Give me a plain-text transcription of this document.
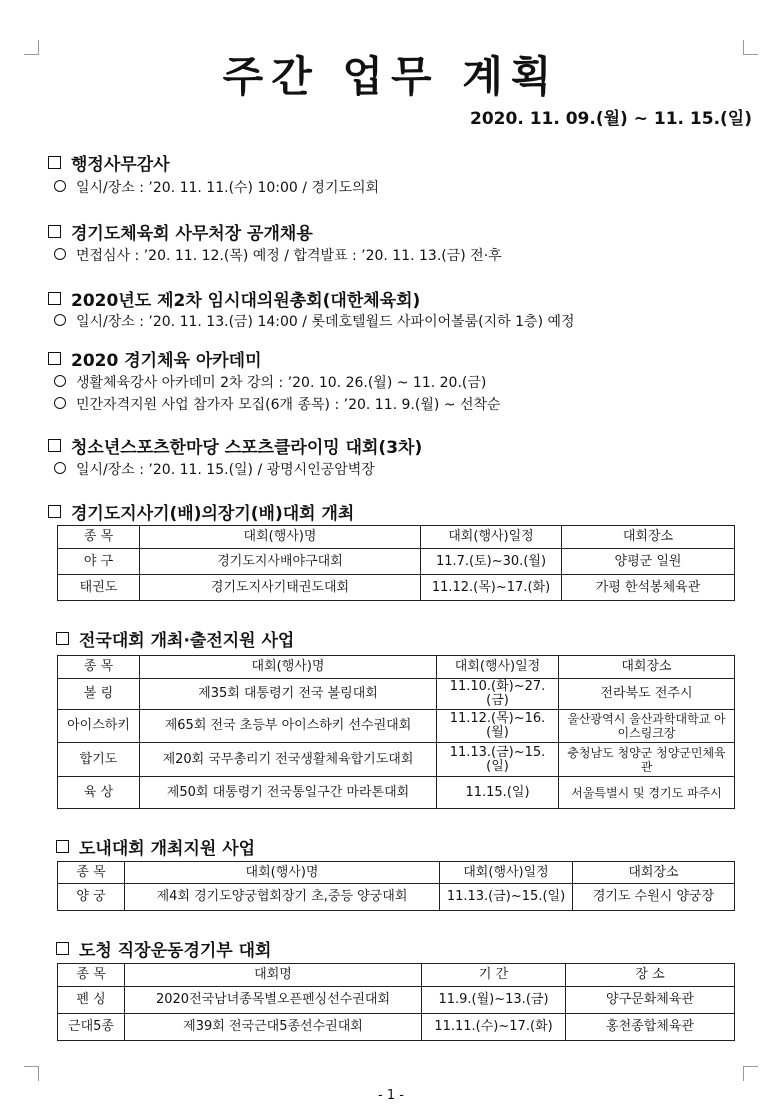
주간 업무 계획
2020. 11. 09.(월) ~ 11. 15.(일)
행정사무감사
일시/장소 : ’20. 11. 11.(수) 10:00 / 경기도의회
경기도체육회 사무처장 공개채용
면접심사 : ’20. 11. 12.(목) 예정 / 합격발표 : ’20. 11. 13.(금) 전·후
2020년도 제2차 임시대의원총회(대한체육회)
일시/장소 : ’20. 11. 13.(금) 14:00 / 롯데호텔월드 사파이어볼룸(지하 1층) 예정
2020 경기체육 아카데미
생활체육강사 아카데미 2차 강의 : ’20. 10. 26.(월) ~ 11. 20.(금)
민간자격지원 사업 참가자 모집(6개 종목) : ’20. 11. 9.(월) ~ 선착순
청소년스포츠한마당 스포츠클라이밍 대회(3차)
일시/장소 : ’20. 11. 15.(일) / 광명시인공암벽장
경기도지사기(배)의장기(배)대회 개최
종 목	대회(행사)명	대회(행사)일정	대회장소
야 구	경기도지사배야구대회	11.7.(토)~30.(월)	양평군 일원
태권도	경기도지사기태권도대회	11.12.(목)~17.(화)	가평 한석봉체육관
전국대회 개최·출전지원 사업
종 목	대회(행사)명	대회(행사)일정	대회장소
볼 링	제35회 대통령기 전국 볼링대회	11.10.(화)~27.(금)	전라북도 전주시
아이스하키	제65회 전국 초등부 아이스하키 선수권대회	11.12.(목)~16.(월)	울산광역시 울산과학대학교 아이스링크장
합기도	제20회 국무총리기 전국생활체육합기도대회	11.13.(금)~15.(일)	충청남도 청양군 청양군민체육관
육 상	제50회 대통령기 전국통일구간 마라톤대회	11.15.(일)	서울특별시 및 경기도 파주시
도내대회 개최지원 사업
종 목	대회(행사)명	대회(행사)일정	대회장소
양 궁	제4회 경기도양궁협회장기 초,중등 양궁대회	11.13.(금)~15.(일)	경기도 수원시 양궁장
도청 직장운동경기부 대회
종 목	대회명	기 간	장 소
펜 싱	2020전국남녀종목별오픈펜싱선수권대회	11.9.(월)~13.(금)	양구문화체육관
근대5종	제39회 전국근대5종선수권대회	11.11.(수)~17.(화)	홍천종합체육관
- 1 -
